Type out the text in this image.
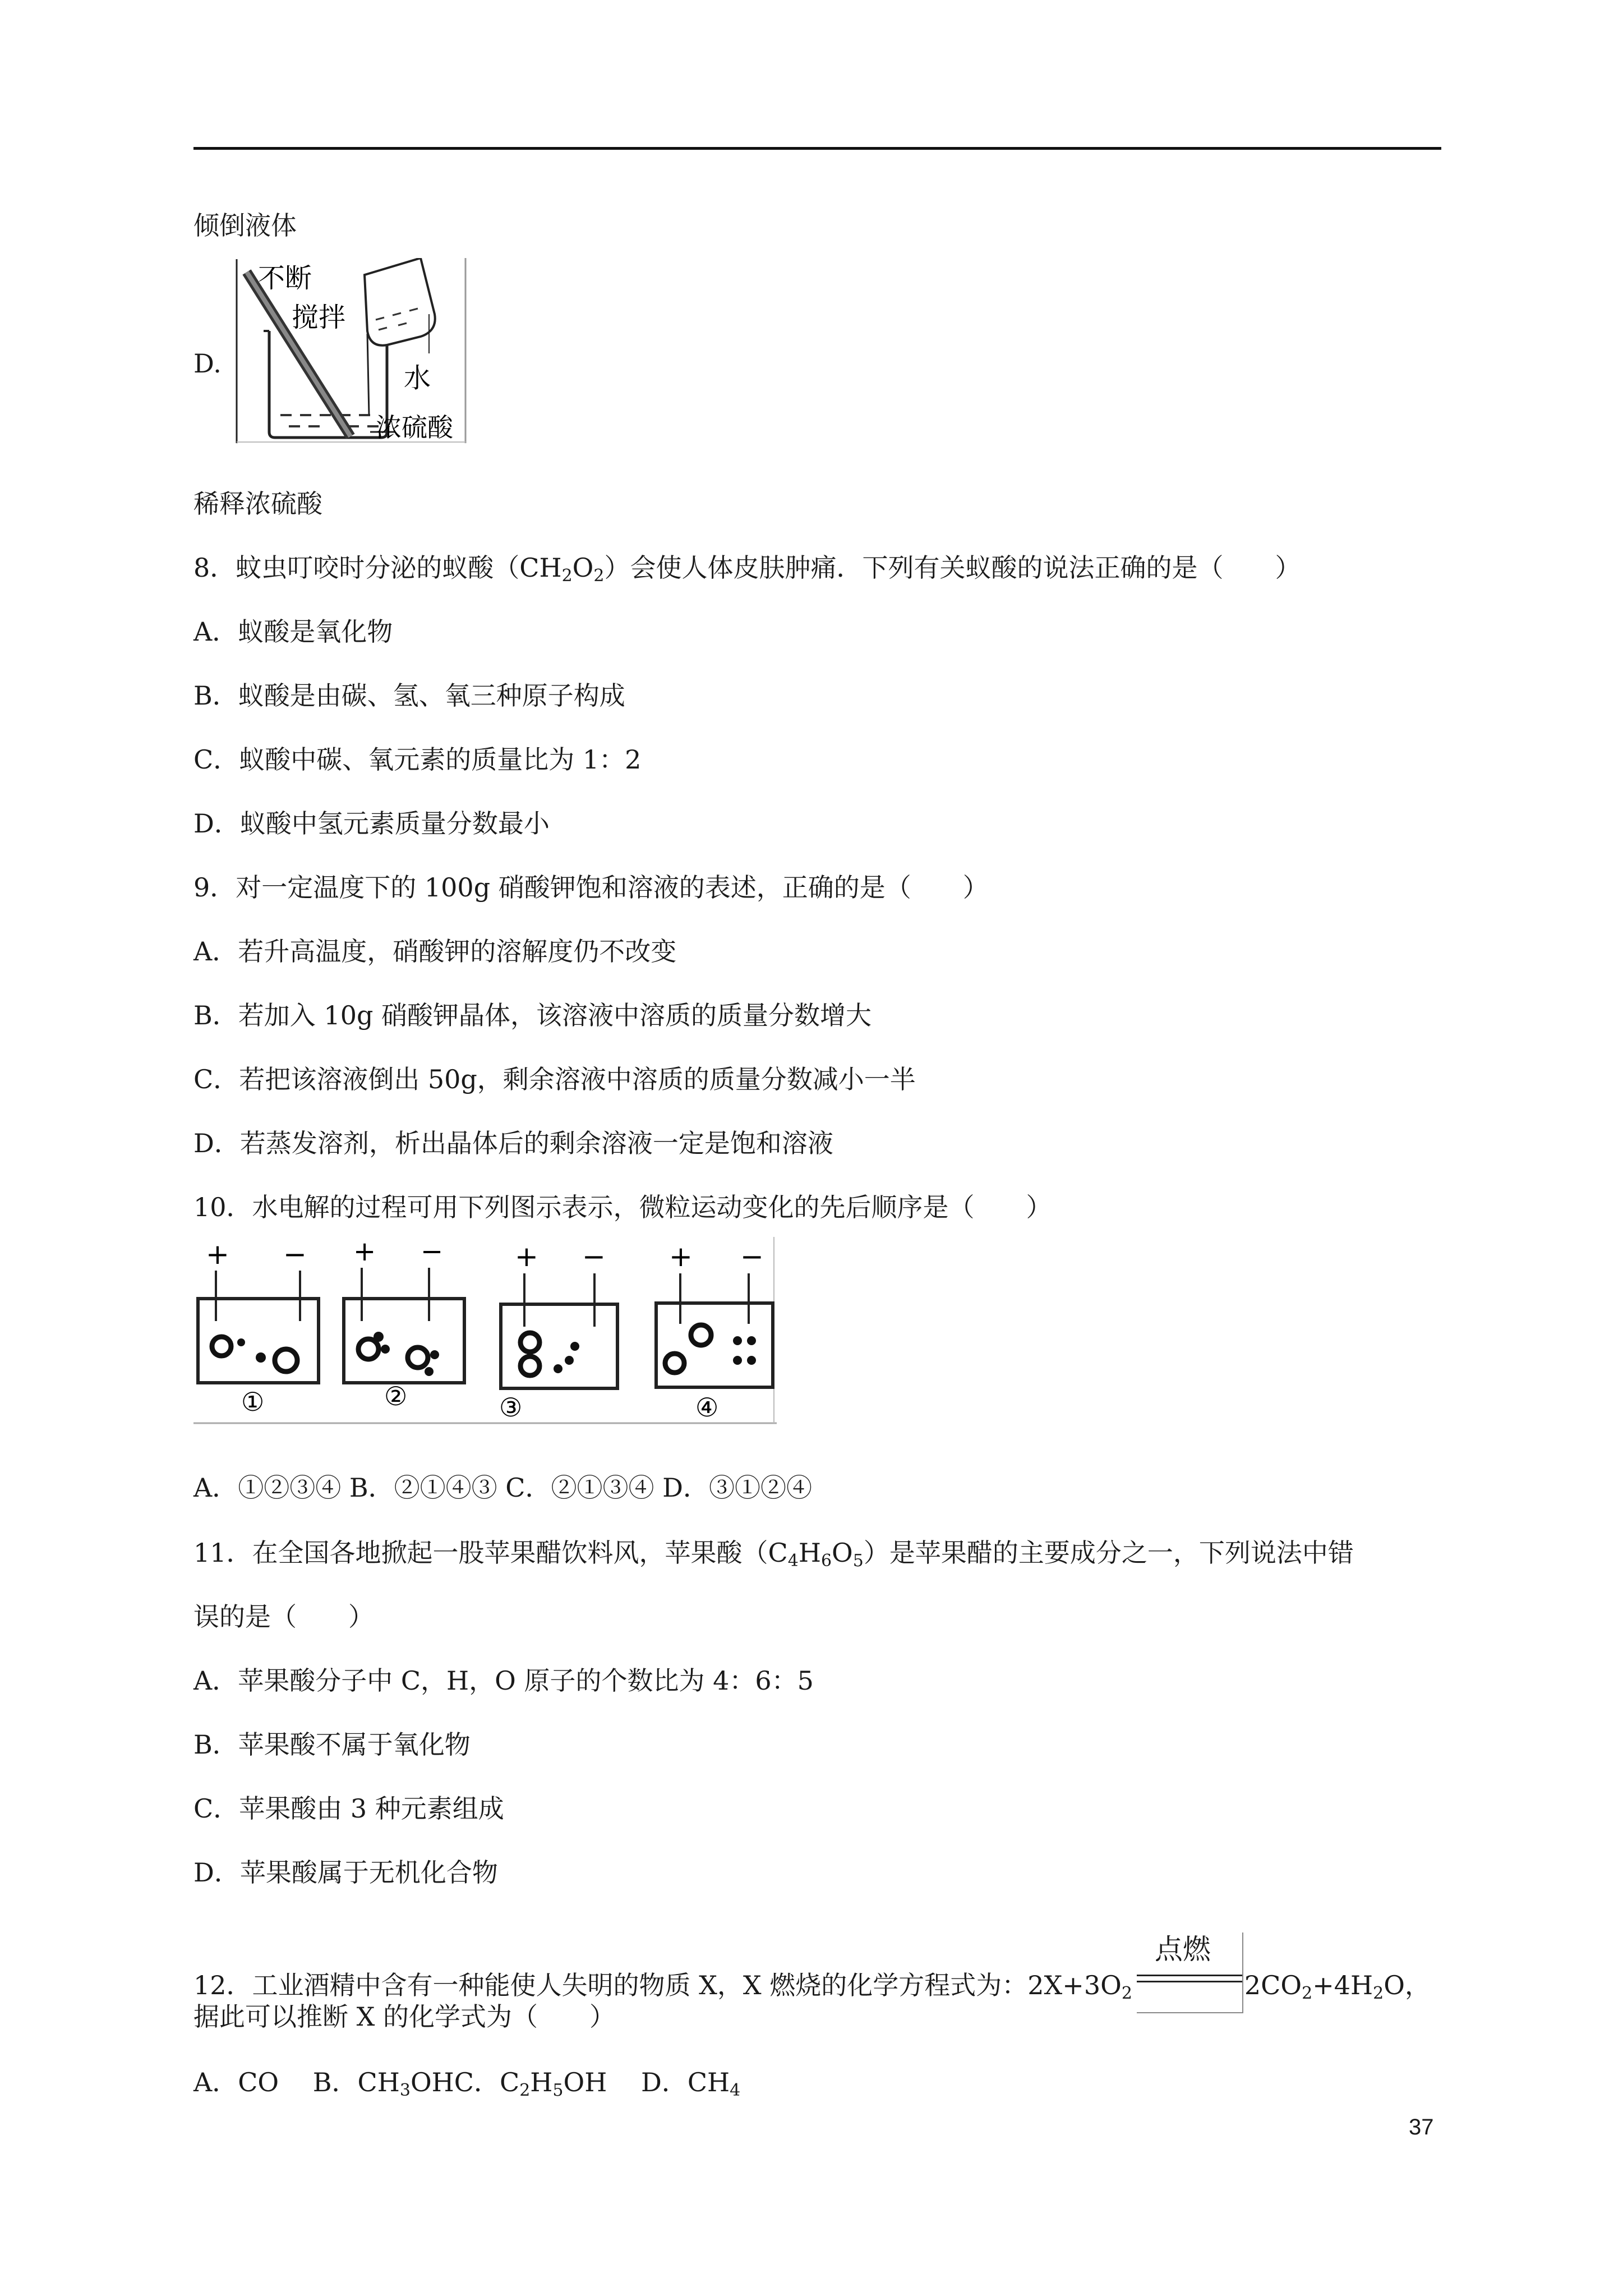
倾倒液体
D.
不断
搅拌
水
浓硫酸
稀释浓硫酸
8．蚊虫叮咬时分泌的蚁酸$(CH_2O_2)$会使人体皮肤肿痛．下列有关蚁酸的说法正确的是（　　）
A．蚁酸是氧化物
B．蚁酸是由碳、氢、氧三种原子构成
C．蚁酸中碳、氧元素的质量比为 1：2
D．蚁酸中氢元素质量分数最小
9．对一定温度下的 100g 硝酸钾饱和溶液的表述，正确的是（　　）
A．若升高温度，硝酸钾的溶解度仍不改变
B．若加入 10g 硝酸钾晶体，该溶液中溶质的质量分数增大
C．若把该溶液倒出 50g，剩余溶液中溶质的质量分数减小一半
D．若蒸发溶剂，析出晶体后的剩余溶液一定是饱和溶液
10．水电解的过程可用下列图示表示，微粒运动变化的先后顺序是（　　）
+ −
①
+ −
②
+ −
③
+ −
④
A．①②③④ B．②①④③ C．②①③④ D．③①②④
11．在全国各地掀起一股苹果醋饮料风，苹果酸$(C_4H_6O_5)$是苹果醋的主要成分之一，下列说法中错
误的是（　　）
A．苹果酸分子中 C，H，O 原子的个数比为 4：6：5
B．苹果酸不属于氧化物
C．苹果酸由 3 种元素组成
D．苹果酸属于无机化合物
12．工业酒精中含有一种能使人失明的物质 X，X 燃烧的化学方程式为：$2X+3O_2$
点燃
$2CO_2+4H_2O$，
据此可以推断 X 的化学式为（　　）
A．CO　 B．$CH_3OHC$．$C_2H_5OH$　 D．$CH_4$
37
